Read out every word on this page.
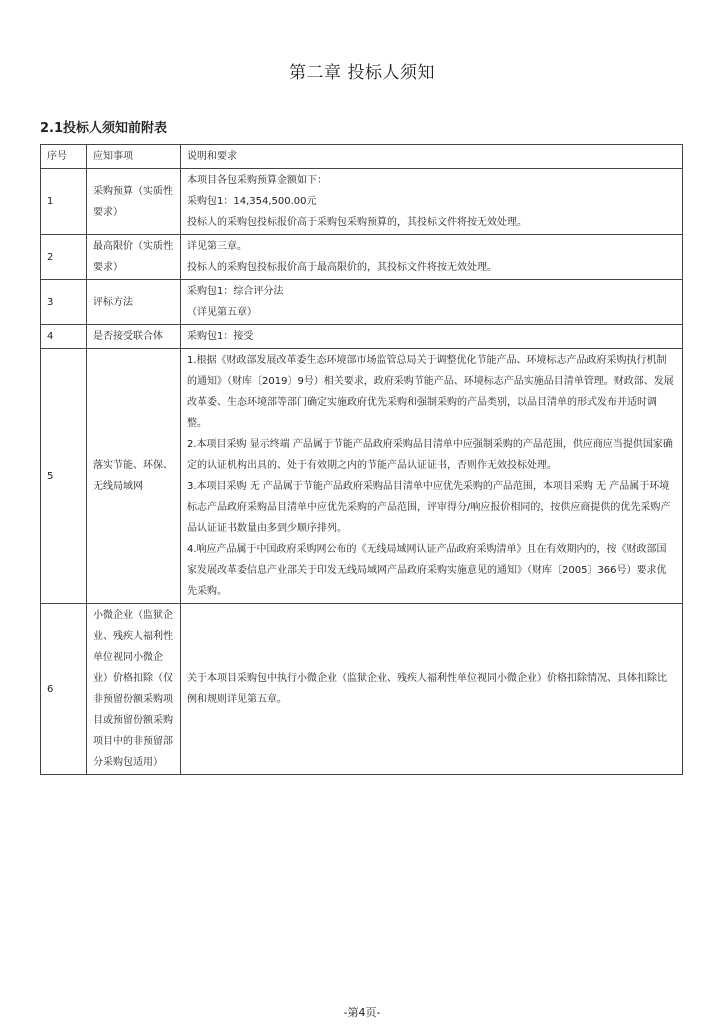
第二章 投标人须知
2.1投标人须知前附表
序号	应知事项	说明和要求
1	采购预算（实质性要求）	本项目各包采购预算金额如下：
采购包1：14,354,500.00元
投标人的采购包投标报价高于采购包采购预算的，其投标文件将按无效处理。

2	最高限价（实质性要求）	详见第三章。
投标人的采购包投标报价高于最高限价的，其投标文件将按无效处理。

3	评标方法	采购包1：综合评分法
（详见第五章）

4	是否接受联合体	采购包1：接受

5	落实节能、环保、无线局域网	1.根据《财政部发展改革委生态环境部市场监管总局关于调整优化节能产品、环境标志产品政府采购执行机制的通知》（财库〔2019〕9号）相关要求，政府采购节能产品、环境标志产品实施品目清单管理。财政部、发展改革委、生态环境部等部门确定实施政府优先采购和强制采购的产品类别，以品目清单的形式发布并适时调整。
2.本项目采购 显示终端 产品属于节能产品政府采购品目清单中应强制采购的产品范围，供应商应当提供国家确定的认证机构出具的、处于有效期之内的节能产品认证证书，否则作无效投标处理。
3.本项目采购 无 产品属于节能产品政府采购品目清单中应优先采购的产品范围，本项目采购 无 产品属于环境标志产品政府采购品目清单中应优先采购的产品范围，评审得分/响应报价相同的，按供应商提供的优先采购产品认证证书数量由多到少顺序排列。
4.响应产品属于中国政府采购网公布的《无线局域网认证产品政府采购清单》且在有效期内的，按《财政部国家发展改革委信息产业部关于印发无线局域网产品政府采购实施意见的通知》（财库〔2005〕366号）要求优先采购。

6	小微企业（监狱企业、残疾人福利性单位视同小微企业）价格扣除（仅非预留份额采购项目或预留份额采购项目中的非预留部分采购包适用）	关于本项目采购包中执行小微企业（监狱企业、残疾人福利性单位视同小微企业）价格扣除情况、具体扣除比例和规则详见第五章。
-第4页-
